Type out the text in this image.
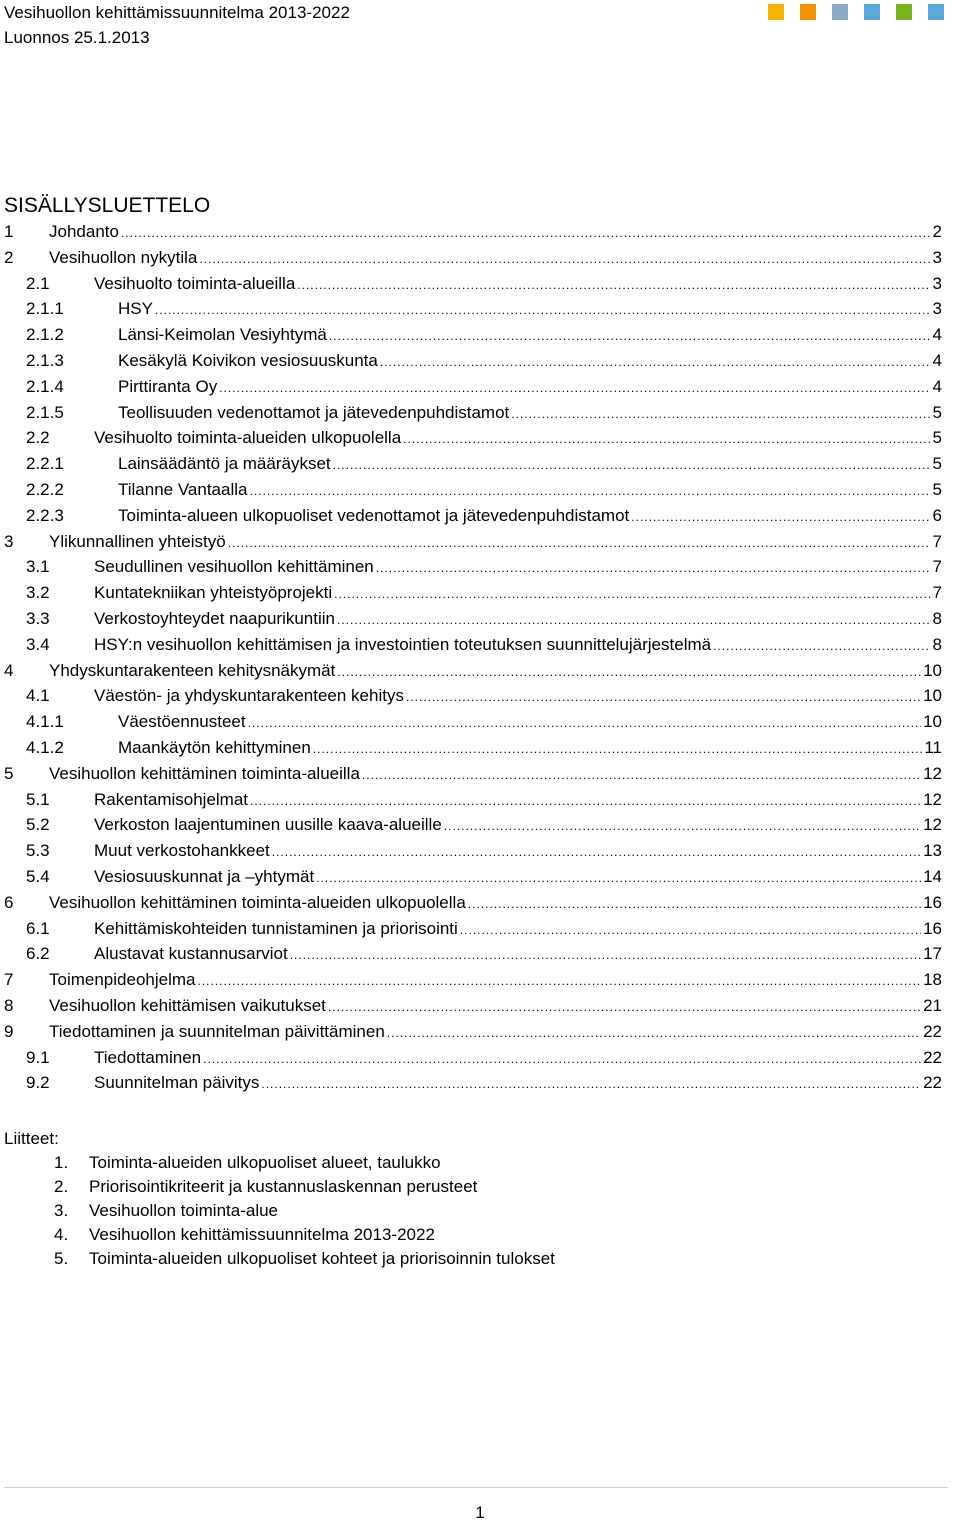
Vesihuollon kehittämissuunnitelma 2013-2022
Luonnos 25.1.2013
SISÄLLYSLUETTELO
1	Johdanto .....	2
2	Vesihuollon nykytila .....	3
2.1	Vesihuolto toiminta-alueilla .....	3
2.1.1	HSY .....	3
2.1.2	Länsi-Keimolan Vesiyhtymä .....	4
2.1.3	Kesäkylä Koivikon vesiosuuskunta .....	4
2.1.4	Pirttiranta Oy .....	4
2.1.5	Teollisuuden vedenottamot ja jätevedenpuhdistamot .....	5
2.2	Vesihuolto toiminta-alueiden ulkopuolella .....	5
2.2.1	Lainsäädäntö ja määräykset .....	5
2.2.2	Tilanne Vantaalla .....	5
2.2.3	Toiminta-alueen ulkopuoliset vedenottamot ja jätevedenpuhdistamot .....	6
3	Ylikunnallinen yhteistyö .....	7
3.1	Seudullinen vesihuollon kehittäminen .....	7
3.2	Kuntatekniikan yhteistyöprojekti .....	7
3.3	Verkostoyhteydet naapurikuntiin .....	8
3.4	HSY:n vesihuollon kehittämisen ja investointien toteutuksen suunnittelujärjestelmä .....	8
4	Yhdyskuntarakenteen kehitysnäkymät .....	10
4.1	Väestön- ja yhdyskuntarakenteen kehitys .....	10
4.1.1	Väestöennusteet .....	10
4.1.2	Maankäytön kehittyminen .....	11
5	Vesihuollon kehittäminen toiminta-alueilla .....	12
5.1	Rakentamisohjelmat .....	12
5.2	Verkoston laajentuminen uusille kaava-alueille .....	12
5.3	Muut verkostohankkeet .....	13
5.4	Vesiosuuskunnat ja –yhtymät .....	14
6	Vesihuollon kehittäminen toiminta-alueiden ulkopuolella .....	16
6.1	Kehittämiskohteiden tunnistaminen ja priorisointi .....	16
6.2	Alustavat kustannusarviot .....	17
7	Toimenpideohjelma .....	18
8	Vesihuollon kehittämisen vaikutukset .....	21
9	Tiedottaminen ja suunnitelman päivittäminen .....	22
9.1	Tiedottaminen .....	22
9.2	Suunnitelman päivitys .....	22
Liitteet:
1.	Toiminta-alueiden ulkopuoliset alueet, taulukko
2.	Priorisointikriteerit ja kustannuslaskennan perusteet
3.	Vesihuollon toiminta-alue
4.	Vesihuollon kehittämissuunnitelma 2013-2022
5.	Toiminta-alueiden ulkopuoliset kohteet ja priorisoinnin tulokset
1
